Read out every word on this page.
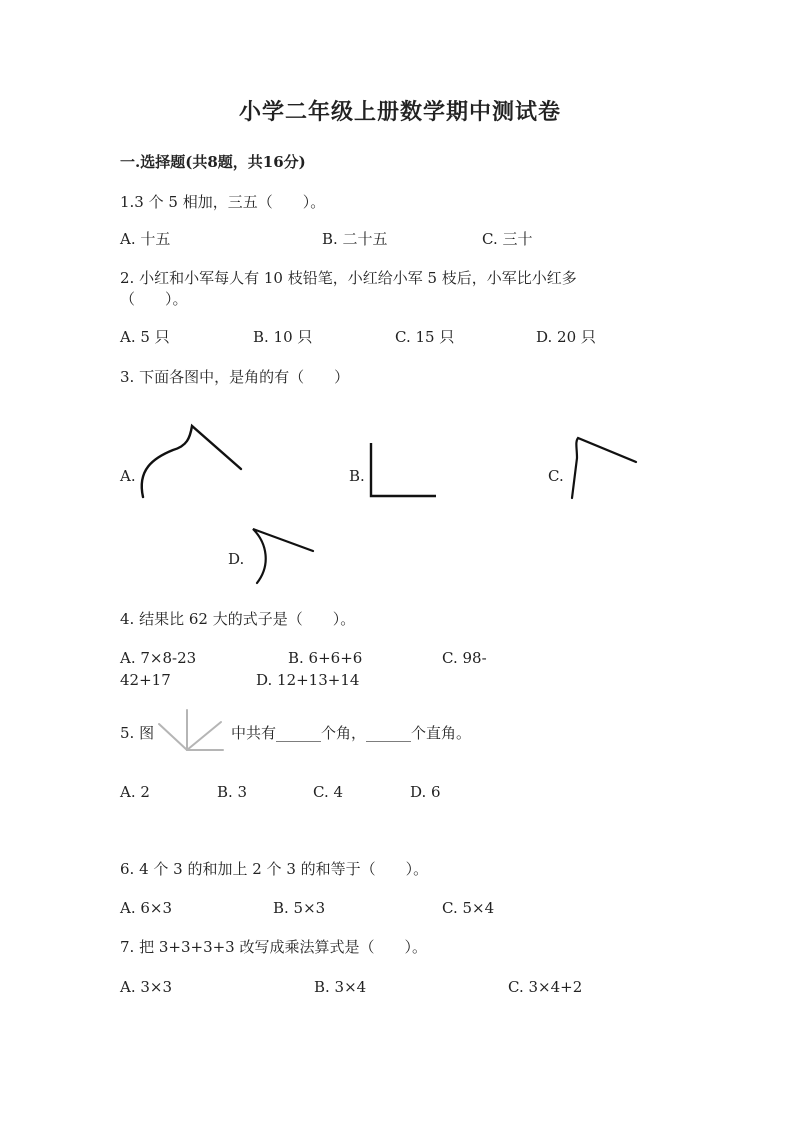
小学二年级上册数学期中测试卷
一.选择题(共8题，共16分)
1.3 个 5 相加，三五（　　）。
A. 十五	B. 二十五	C. 三十
2. 小红和小军每人有 10 枝铅笔，小红给小军 5 枝后，小军比小红多
（　　）。
A. 5 只	B. 10 只	C. 15 只	D. 20 只
3. 下面各图中，是角的有（　　）
A.	B.	C.
D.
4. 结果比 62 大的式子是（　　）。
A. 7×8-23	B. 6+6+6	C. 98-
42+17	D. 12+13+14
5. 图	中共有______个角，______个直角。
A. 2	B. 3	C. 4	D. 6
6. 4 个 3 的和加上 2 个 3 的和等于（　　）。
A. 6×3	B. 5×3	C. 5×4
7. 把 3+3+3+3 改写成乘法算式是（　　）。
A. 3×3	B. 3×4	C. 3×4+2
